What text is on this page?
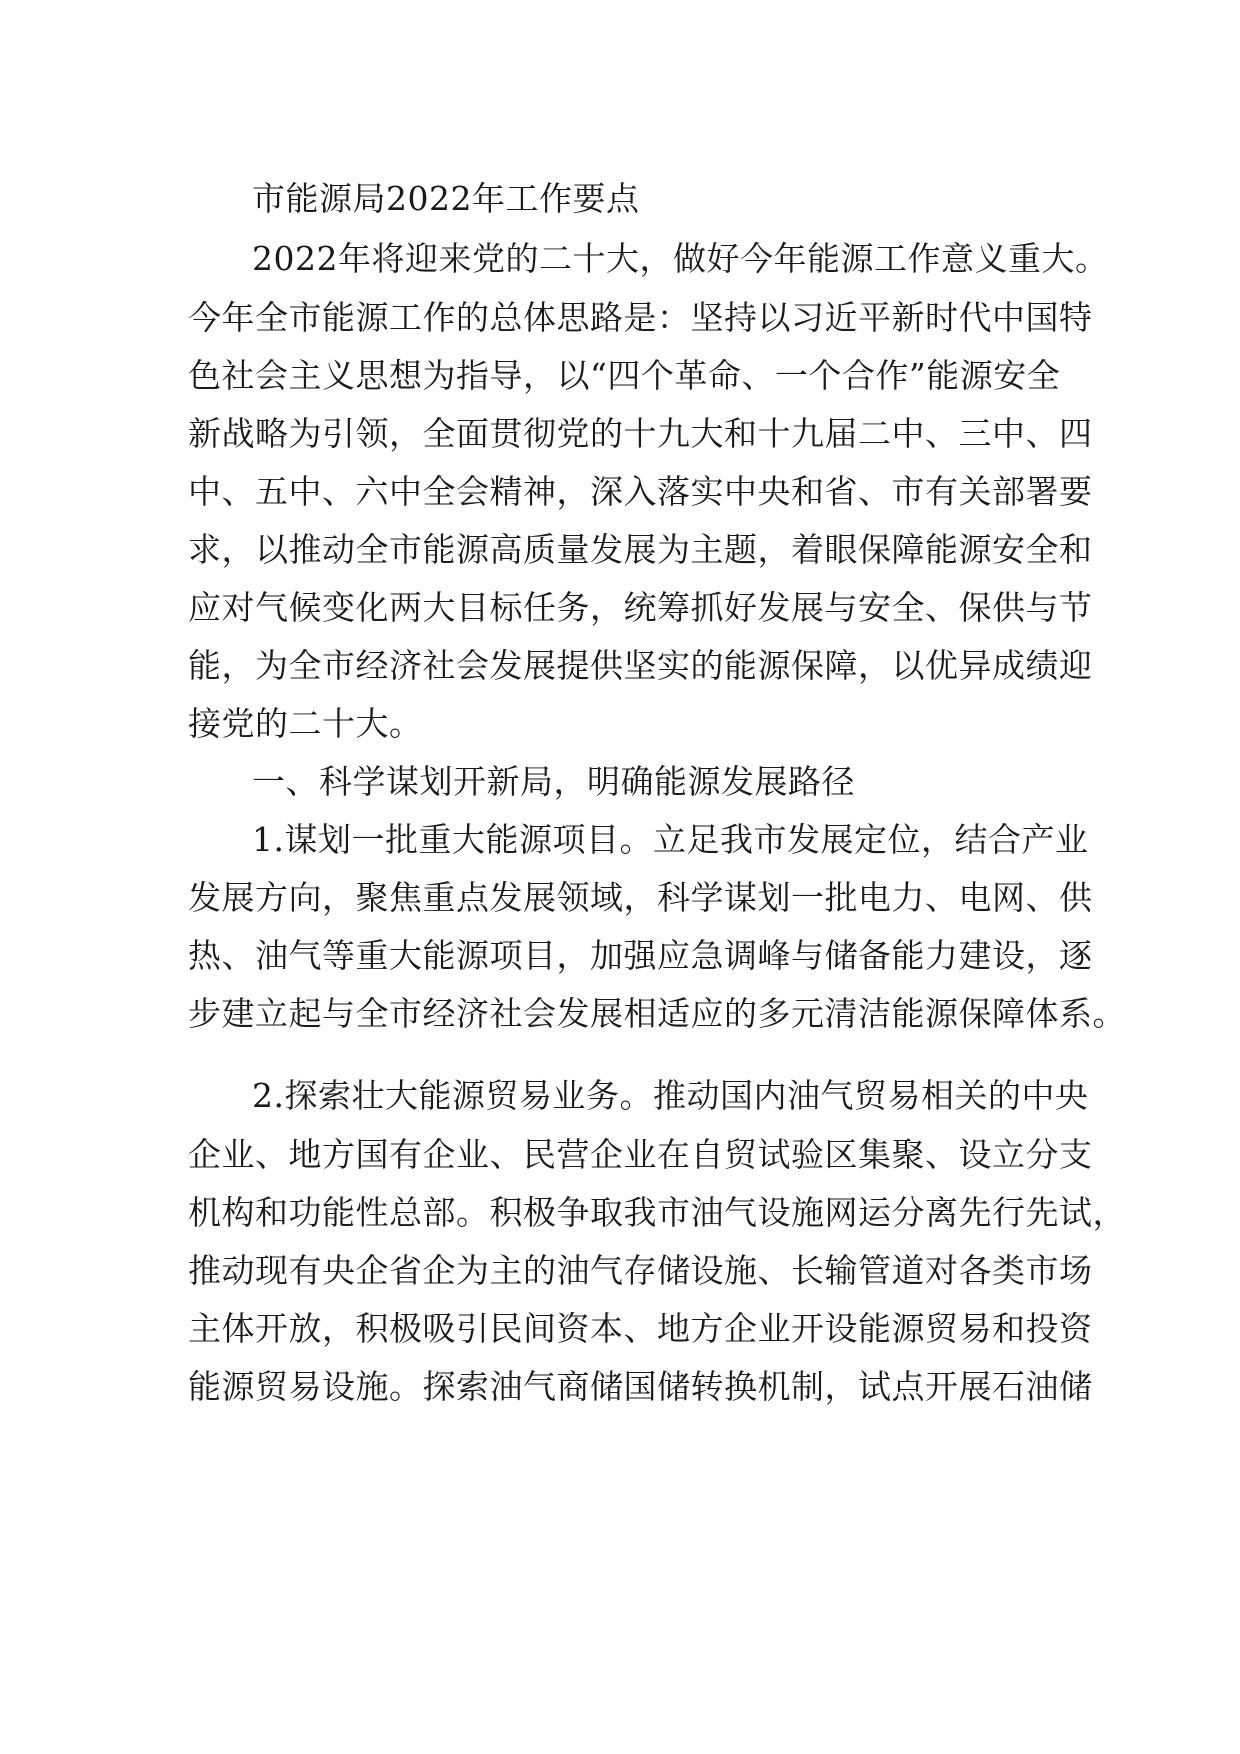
市能源局2022年工作要点
2022年将迎来党的二十大，做好今年能源工作意义重大。
今年全市能源工作的总体思路是：坚持以习近平新时代中国特
色社会主义思想为指导，以“四个革命、一个合作”能源安全
新战略为引领，全面贯彻党的十九大和十九届二中、三中、四
中、五中、六中全会精神，深入落实中央和省、市有关部署要
求，以推动全市能源高质量发展为主题，着眼保障能源安全和
应对气候变化两大目标任务，统筹抓好发展与安全、保供与节
能，为全市经济社会发展提供坚实的能源保障，以优异成绩迎
接党的二十大。
一、科学谋划开新局，明确能源发展路径
1.谋划一批重大能源项目。立足我市发展定位，结合产业
发展方向，聚焦重点发展领域，科学谋划一批电力、电网、供
热、油气等重大能源项目，加强应急调峰与储备能力建设，逐
步建立起与全市经济社会发展相适应的多元清洁能源保障体系。
2.探索壮大能源贸易业务。推动国内油气贸易相关的中央
企业、地方国有企业、民营企业在自贸试验区集聚、设立分支
机构和功能性总部。积极争取我市油气设施网运分离先行先试，
推动现有央企省企为主的油气存储设施、长输管道对各类市场
主体开放，积极吸引民间资本、地方企业开设能源贸易和投资
能源贸易设施。探索油气商储国储转换机制，试点开展石油储
